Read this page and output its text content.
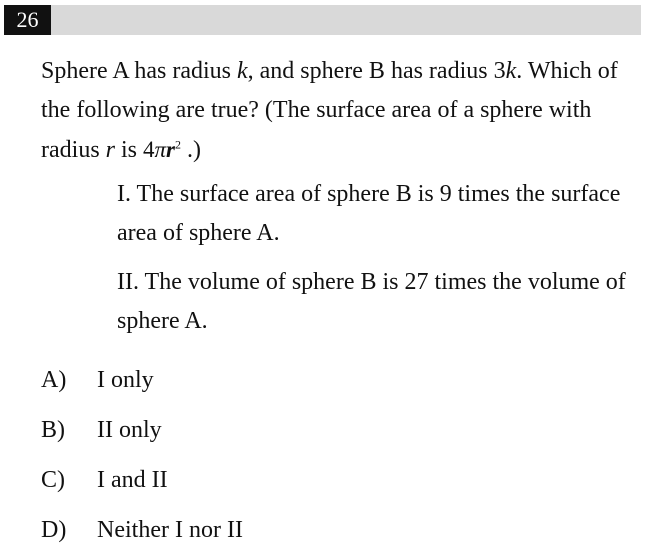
26

Sphere A has radius k, and sphere B has radius 3k. Which of the following are true? (The surface area of a sphere with radius r is $4\pi r^2$ .)

I. The surface area of sphere B is 9 times the surface area of sphere A.

II. The volume of sphere B is 27 times the volume of sphere A.

A)	I only
B)	II only
C)	I and II
D)	Neither I nor II
